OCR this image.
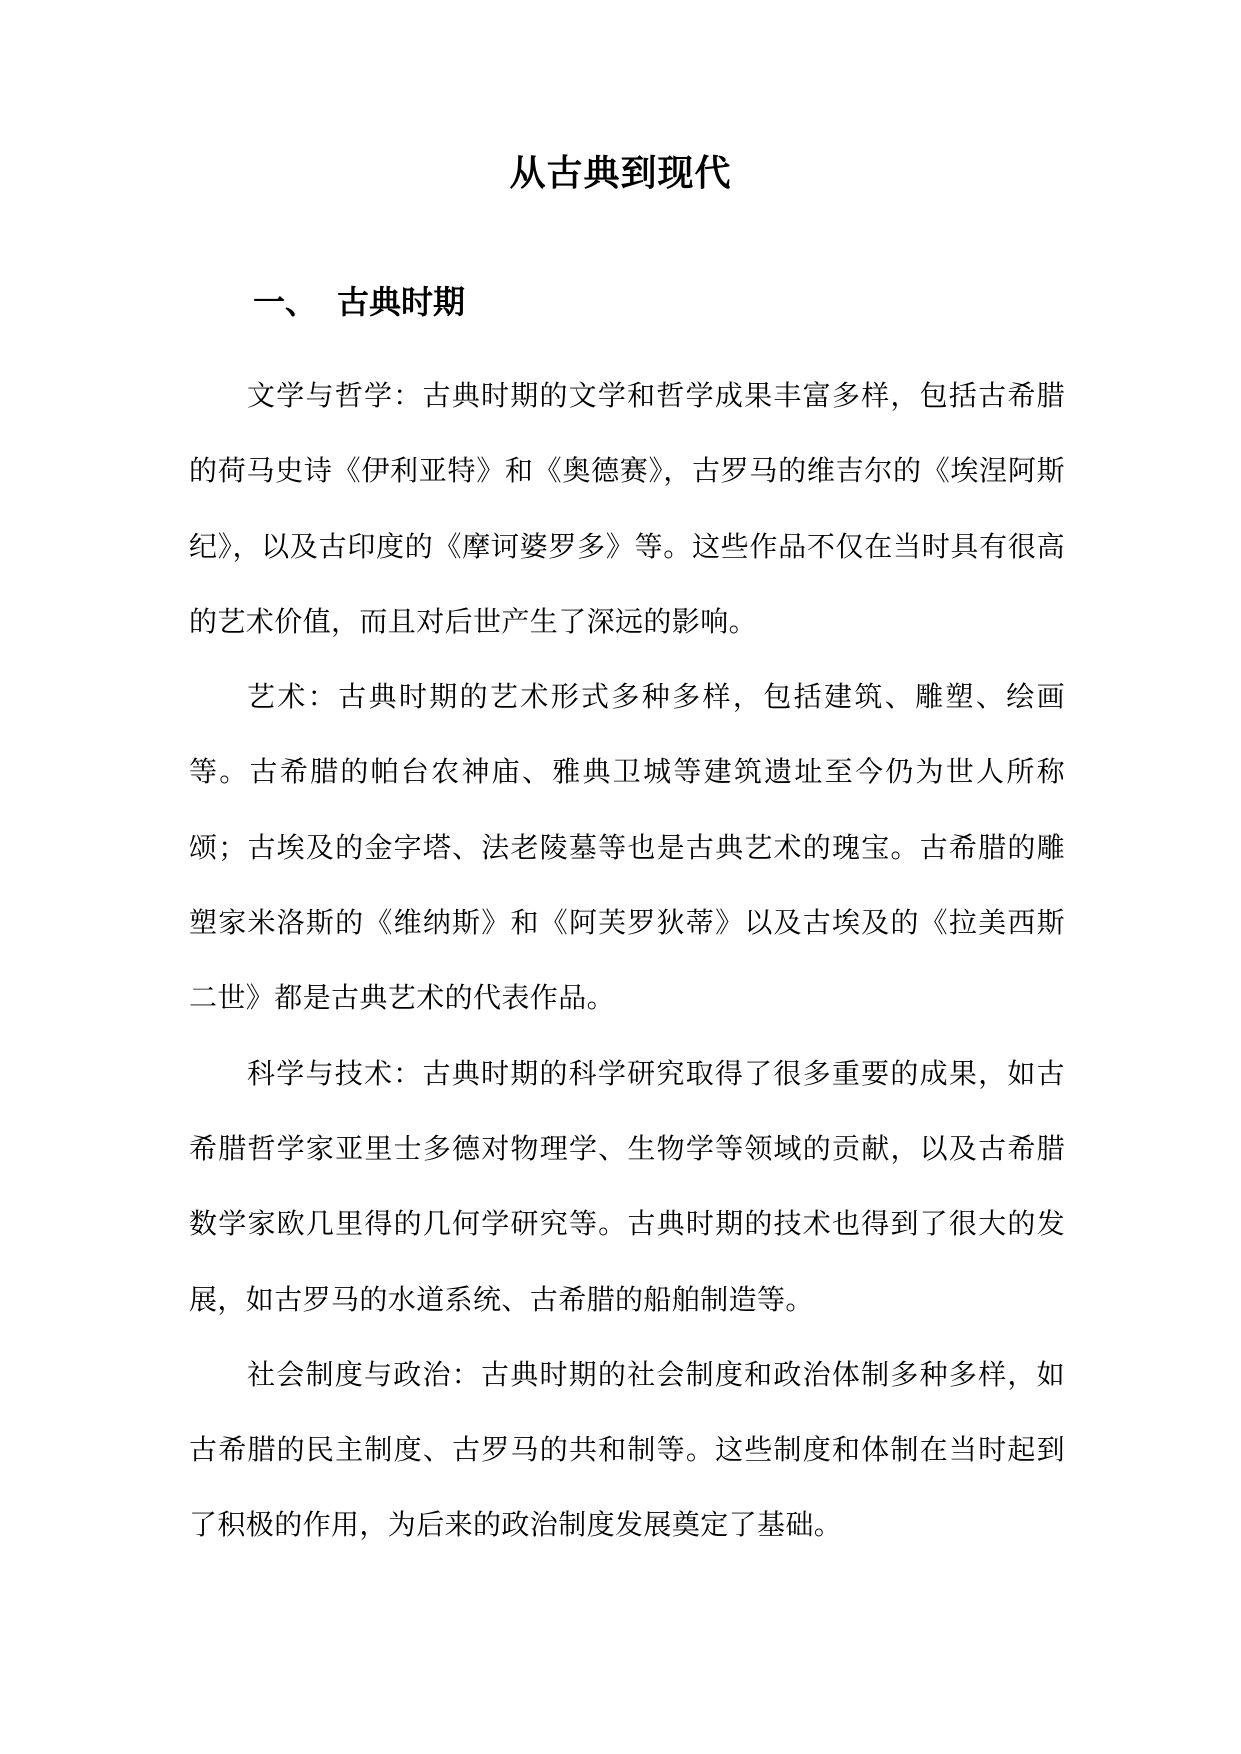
从古典到现代
一、 古典时期

文学与哲学：古典时期的文学和哲学成果丰富多样，包括古希腊的荷马史诗《伊利亚特》和《奥德赛》，古罗马的维吉尔的《埃涅阿斯纪》，以及古印度的《摩诃婆罗多》等。这些作品不仅在当时具有很高的艺术价值，而且对后世产生了深远的影响。

艺术：古典时期的艺术形式多种多样，包括建筑、雕塑、绘画等。古希腊的帕台农神庙、雅典卫城等建筑遗址至今仍为世人所称颂；古埃及的金字塔、法老陵墓等也是古典艺术的瑰宝。古希腊的雕塑家米洛斯的《维纳斯》和《阿芙罗狄蒂》以及古埃及的《拉美西斯二世》都是古典艺术的代表作品。

科学与技术：古典时期的科学研究取得了很多重要的成果，如古希腊哲学家亚里士多德对物理学、生物学等领域的贡献，以及古希腊数学家欧几里得的几何学研究等。古典时期的技术也得到了很大的发展，如古罗马的水道系统、古希腊的船舶制造等。

社会制度与政治：古典时期的社会制度和政治体制多种多样，如古希腊的民主制度、古罗马的共和制等。这些制度和体制在当时起到了积极的作用，为后来的政治制度发展奠定了基础。
